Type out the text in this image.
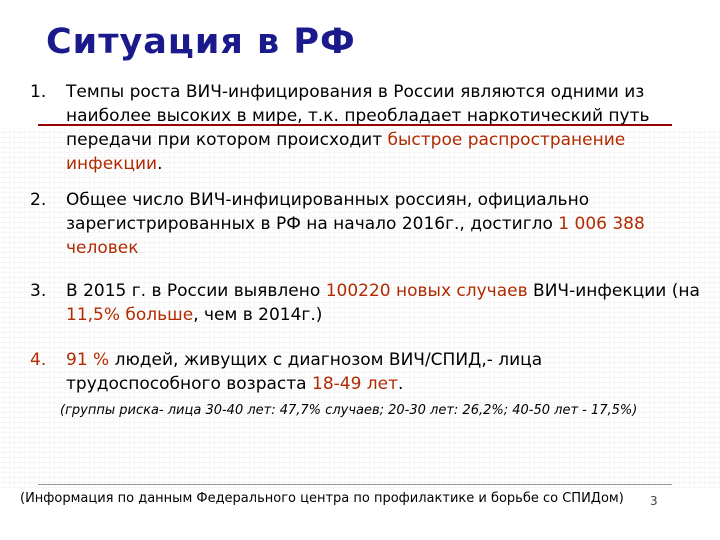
Ситуация в РФ
1. Темпы роста ВИЧ-инфицирования в России являются одними из наиболее высоких в мире, т.к. преобладает наркотический путь передачи при котором происходит быстрое распространение инфекции.
2. Общее число ВИЧ-инфицированных россиян, официально зарегистрированных в РФ на начало 2016г., достигло 1 006 388 человек
3. В 2015 г. в России выявлено 100220 новых случаев ВИЧ-инфекции (на 11,5% больше, чем в 2014г.)
4. 91 % людей, живущих с диагнозом ВИЧ/СПИД,- лица трудоспособного возраста 18-49 лет.
(группы риска- лица 30-40 лет: 47,7% случаев; 20-30 лет: 26,2%; 40-50 лет - 17,5%)
(Информация по данным Федерального центра по профилактике и борьбе со СПИДом)	3
